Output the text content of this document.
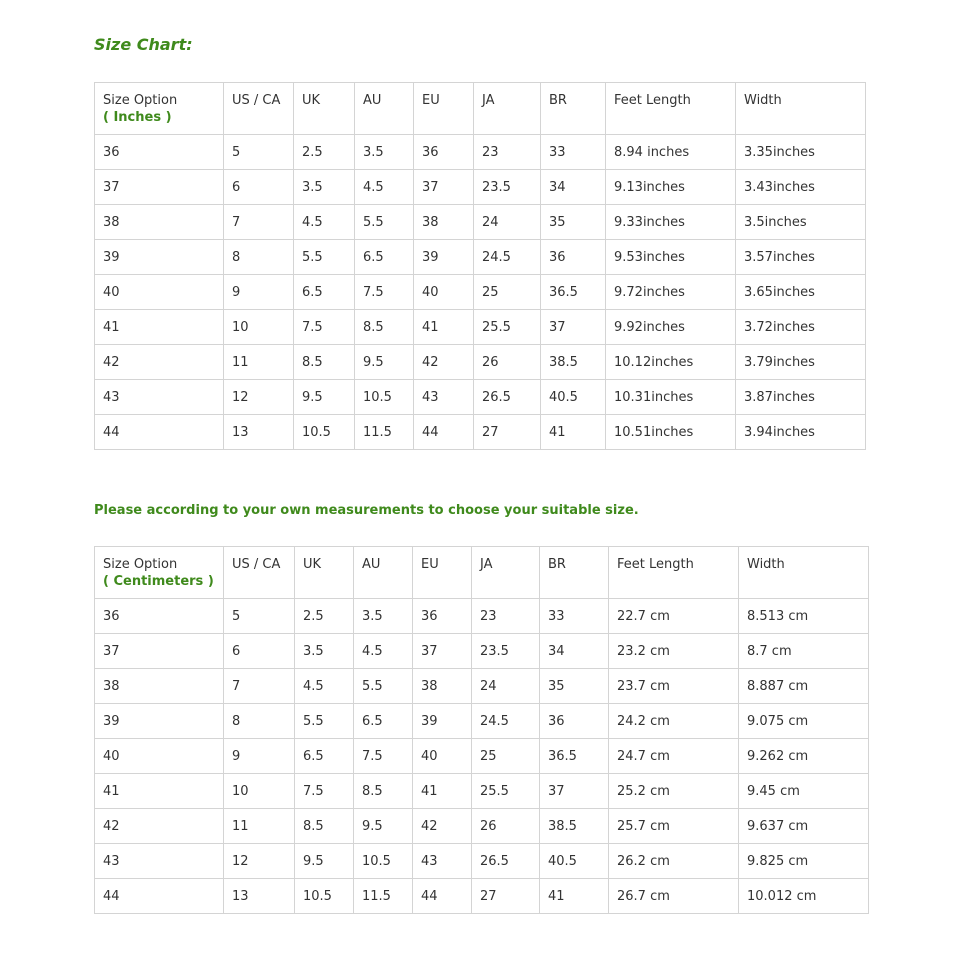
Size Chart:
Size Option
( Inches )	US / CA	UK	AU	EU	JA	BR	Feet Length	Width
36	5	2.5	3.5	36	23	33	8.94 inches	3.35inches
37	6	3.5	4.5	37	23.5	34	9.13inches	3.43inches
38	7	4.5	5.5	38	24	35	9.33inches	3.5inches
39	8	5.5	6.5	39	24.5	36	9.53inches	3.57inches
40	9	6.5	7.5	40	25	36.5	9.72inches	3.65inches
41	10	7.5	8.5	41	25.5	37	9.92inches	3.72inches
42	11	8.5	9.5	42	26	38.5	10.12inches	3.79inches
43	12	9.5	10.5	43	26.5	40.5	10.31inches	3.87inches
44	13	10.5	11.5	44	27	41	10.51inches	3.94inches

Please according to your own measurements to choose your suitable size.

Size Option
( Centimeters )	US / CA	UK	AU	EU	JA	BR	Feet Length	Width
36	5	2.5	3.5	36	23	33	22.7 cm	8.513 cm
37	6	3.5	4.5	37	23.5	34	23.2 cm	8.7 cm
38	7	4.5	5.5	38	24	35	23.7 cm	8.887 cm
39	8	5.5	6.5	39	24.5	36	24.2 cm	9.075 cm
40	9	6.5	7.5	40	25	36.5	24.7 cm	9.262 cm
41	10	7.5	8.5	41	25.5	37	25.2 cm	9.45 cm
42	11	8.5	9.5	42	26	38.5	25.7 cm	9.637 cm
43	12	9.5	10.5	43	26.5	40.5	26.2 cm	9.825 cm
44	13	10.5	11.5	44	27	41	26.7 cm	10.012 cm
